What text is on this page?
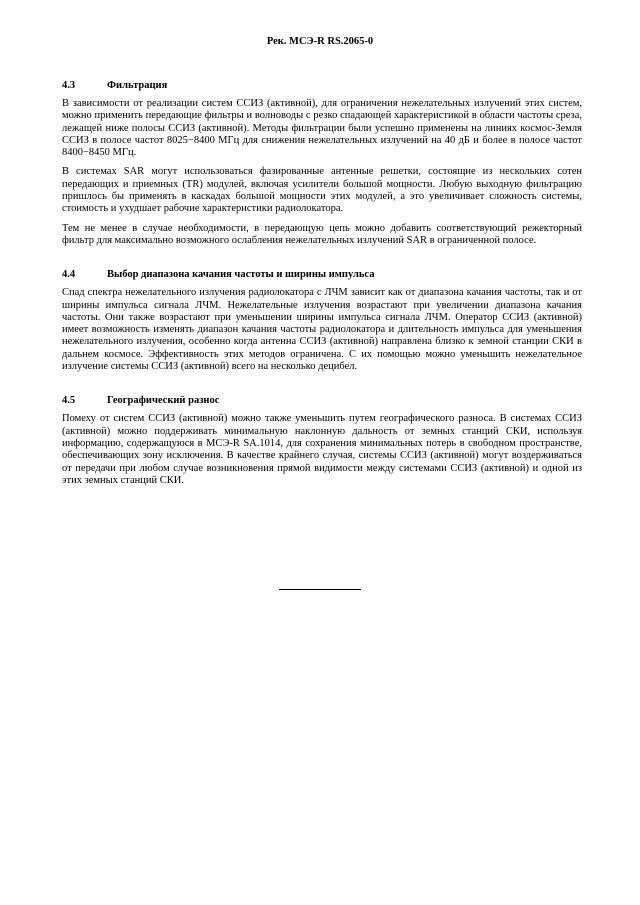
Рек. МСЭ-R RS.2065-0
4.3	Фильтрация

В зависимости от реализации систем ССИЗ (активной), для ограничения нежелательных излучений этих систем, можно применить передающие фильтры и волноводы с резко спадающей характеристикой в области частоты среза, лежащей ниже полосы ССИЗ (активной). Методы фильтрации были успешно применены на линиях космос-Земля ССИЗ в полосе частот 8025−8400 МГц для снижения нежелательных излучений на 40 дБ и более в полосе частот 8400−8450 МГц.

В системах SAR могут использоваться фазированные антенные решетки, состоящие из нескольких сотен передающих и приемных (TR) модулей, включая усилители большой мощности. Любую выходную фильтрацию пришлось бы применять в каскадах большой мощности этих модулей, а это увеличивает сложность системы, стоимость и ухудшает рабочие характеристики радиолокатора.

Тем не менее в случае необходимости, в передающую цепь можно добавить соответствующий режекторный фильтр для максимально возможного ослабления нежелательных излучений SAR в ограниченной полосе.

4.4	Выбор диапазона качания частоты и ширины импульса

Спад спектра нежелательного излучения радиолокатора с ЛЧМ зависит как от диапазона качания частоты, так и от ширины импульса сигнала ЛЧМ. Нежелательные излучения возрастают при увеличении диапазона качания частоты. Они также возрастают при уменьшении ширины импульса сигнала ЛЧМ. Оператор ССИЗ (активной) имеет возможность изменять диапазон качания частоты радиолокатора и длительность импульса для уменьшения нежелательного излучения, особенно когда антенна ССИЗ (активной) направлена близко к земной станции СКИ в дальнем космосе. Эффективность этих методов ограничена. С их помощью можно уменьшить нежелательное излучение системы ССИЗ (активной) всего на несколько децибел.

4.5	Географический разнос

Помеху от систем ССИЗ (активной) можно также уменьшить путем географического разноса. В системах ССИЗ (активной) можно поддерживать минимальную наклонную дальность от земных станций СКИ, используя информацию, содержащуюся в МСЭ-R SA.1014, для сохранения минимальных потерь в свободном пространстве, обеспечивающих зону исключения. В качестве крайнего случая, системы ССИЗ (активной) могут воздерживаться от передачи при любом случае возникновения прямой видимости между системами ССИЗ (активной) и одной из этих земных станций СКИ.
